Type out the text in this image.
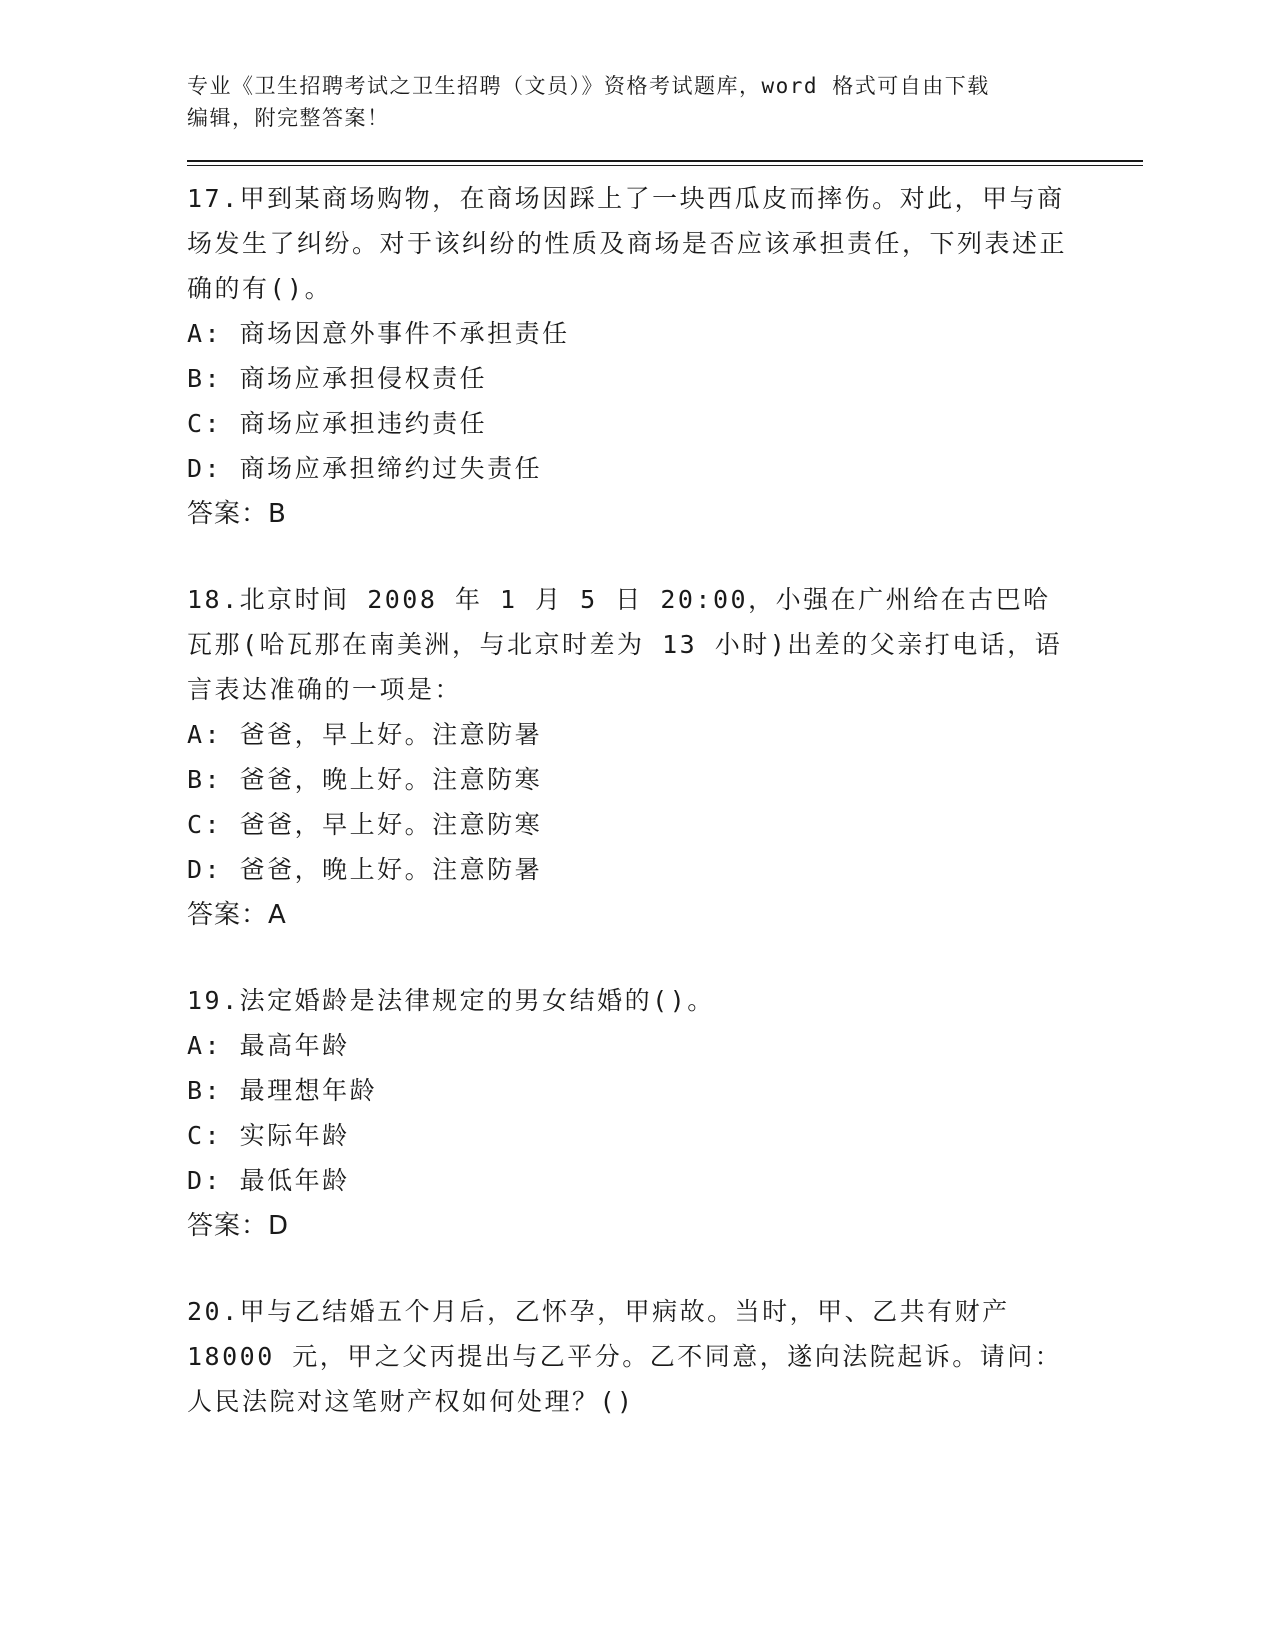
专业《卫生招聘考试之卫生招聘（文员）》资格考试题库，word 格式可自由下载

编辑，附完整答案！

17.甲到某商场购物，在商场因踩上了一块西瓜皮而摔伤。对此，甲与商场发生了纠纷。对于该纠纷的性质及商场是否应该承担责任，下列表述正确的有()。

A: 商场因意外事件不承担责任

B: 商场应承担侵权责任

C: 商场应承担违约责任

D: 商场应承担缔约过失责任

答案：B

18.北京时间 2008 年 1 月 5 日 20:00，小强在广州给在古巴哈瓦那(哈瓦那在南美洲，与北京时差为 13 小时)出差的父亲打电话，语言表达准确的一项是：

A: 爸爸，早上好。注意防暑

B: 爸爸，晚上好。注意防寒

C: 爸爸，早上好。注意防寒

D: 爸爸，晚上好。注意防暑

答案：A

19.法定婚龄是法律规定的男女结婚的()。

A: 最高年龄

B: 最理想年龄

C: 实际年龄

D: 最低年龄

答案：D

20.甲与乙结婚五个月后，乙怀孕，甲病故。当时，甲、乙共有财产 18000 元，甲之父丙提出与乙平分。乙不同意，遂向法院起诉。请问：人民法院对这笔财产权如何处理？()
